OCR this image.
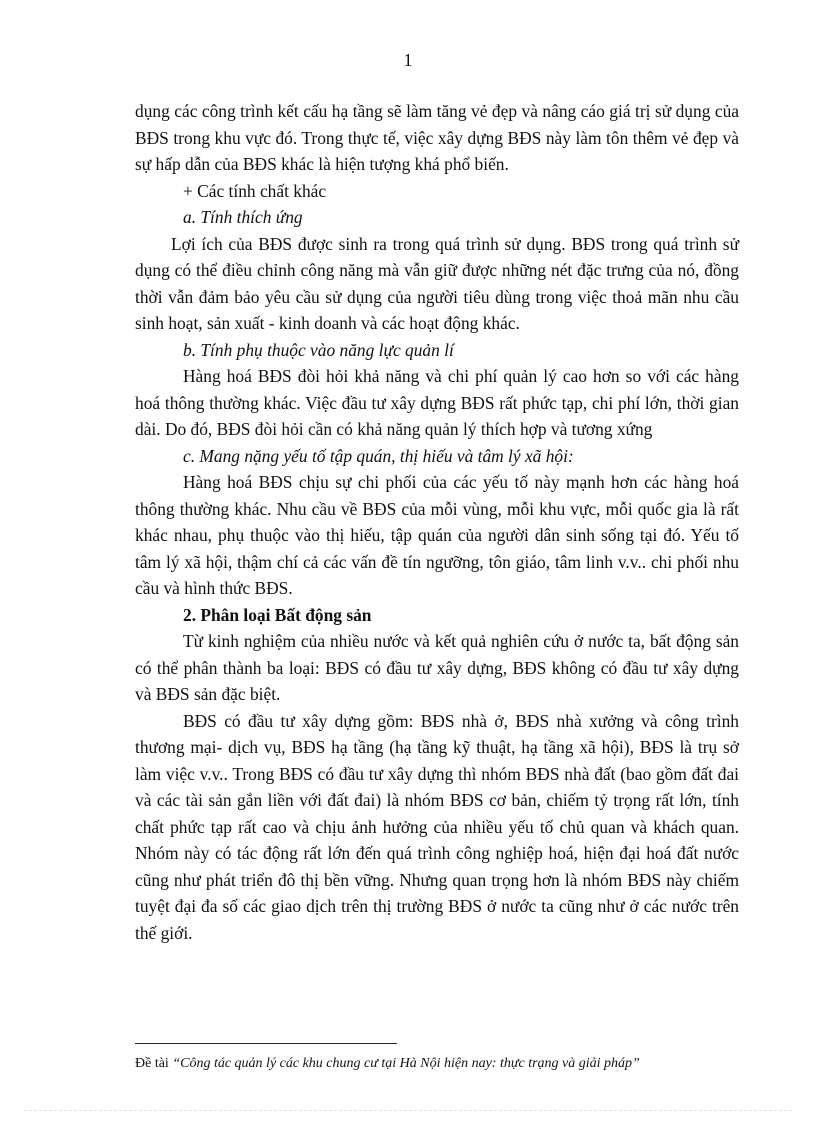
1

dụng các công trình kết cấu hạ tầng sẽ làm tăng vẻ đẹp và nâng cáo giá trị sử dụng của BĐS trong khu vực đó. Trong thực tế, việc xây dựng BĐS này làm tôn thêm vẻ đẹp và sự hấp dẫn của BĐS khác là hiện tượng khá phổ biến.

+ Các tính chất khác

a. Tính thích ứng

Lợi ích của BĐS được sinh ra trong quá trình sử dụng. BĐS trong quá trình sử dụng có thể điều chỉnh công năng mà vẫn giữ được những nét đặc trưng của nó, đồng thời vẫn đảm bảo yêu cầu sử dụng của người tiêu dùng trong việc thoả mãn nhu cầu sinh hoạt, sản xuất - kinh doanh và các hoạt động khác.

b. Tính phụ thuộc vào năng lực quản lí

Hàng hoá BĐS đòi hỏi khả năng và chi phí quản lý cao hơn so với các hàng hoá thông thường khác. Việc đầu tư xây dựng BĐS rất phức tạp, chi phí lớn, thời gian dài. Do đó, BĐS đòi hỏi cần có khả năng quản lý thích hợp và tương xứng

c. Mang nặng yếu tố tập quán, thị hiếu và tâm lý xã hội:

Hàng hoá BĐS chịu sự chi phối của các yếu tố này mạnh hơn các hàng hoá thông thường khác. Nhu cầu về BĐS của mỗi vùng, mỗi khu vực, mỗi quốc gia là rất khác nhau, phụ thuộc vào thị hiếu, tập quán của người dân sinh sống tại đó. Yếu tố tâm lý xã hội, thậm chí cả các vấn đề tín ngưỡng, tôn giáo, tâm linh v.v.. chi phối nhu cầu và hình thức BĐS.

2. Phân loại Bất động sản

Từ kinh nghiệm của nhiều nước và kết quả nghiên cứu ở nước ta, bất động sản có thể phân thành ba loại: BĐS có đầu tư xây dựng, BĐS không có đầu tư xây dựng và BĐS sản đặc biệt.

BĐS có đầu tư xây dựng gồm: BĐS nhà ở, BĐS nhà xưởng và công trình thương mại- dịch vụ, BĐS hạ tầng (hạ tầng kỹ thuật, hạ tầng xã hội), BĐS là trụ sở làm việc v.v.. Trong BĐS có đầu tư xây dựng thì nhóm BĐS nhà đất (bao gồm đất đai và các tài sản gắn liền với đất đai) là nhóm BĐS cơ bản, chiếm tỷ trọng rất lớn, tính chất phức tạp rất cao và chịu ảnh hưởng của nhiều yếu tố chủ quan và khách quan. Nhóm này có tác động rất lớn đến quá trình công nghiệp hoá, hiện đại hoá đất nước cũng như phát triển đô thị bền vững. Nhưng quan trọng hơn là nhóm BĐS này chiếm tuyệt đại đa số các giao dịch trên thị trường BĐS ở nước ta cũng như ở các nước trên thế giới.

Đề tài “Công tác quản lý các khu chung cư tại Hà Nội hiện nay: thực trạng và giải pháp”
